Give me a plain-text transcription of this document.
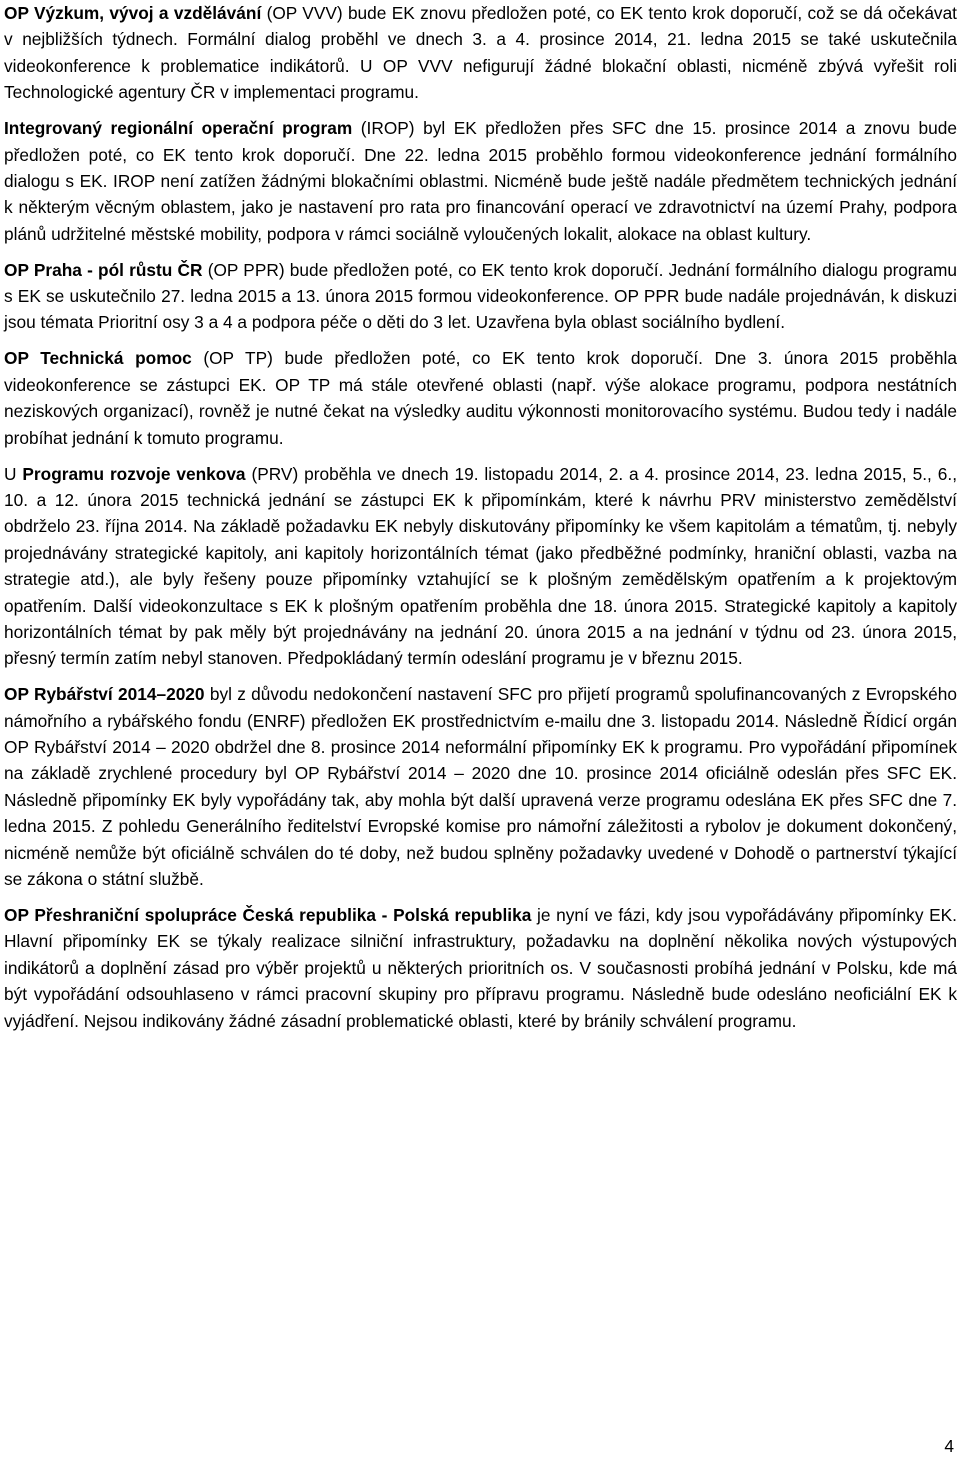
OP Výzkum, vývoj a vzdělávání (OP VVV) bude EK znovu předložen poté, co EK tento krok doporučí, což se dá očekávat v nejbližších týdnech. Formální dialog proběhl ve dnech 3. a 4. prosince 2014, 21. ledna 2015 se také uskutečnila videokonference k problematice indikátorů. U OP VVV nefigurují žádné blokační oblasti, nicméně zbývá vyřešit roli Technologické agentury ČR v implementaci programu.

Integrovaný regionální operační program (IROP) byl EK předložen přes SFC dne 15. prosince 2014 a znovu bude předložen poté, co EK tento krok doporučí. Dne 22. ledna 2015 proběhlo formou videokonference jednání formálního dialogu s EK. IROP není zatížen žádnými blokačními oblastmi. Nicméně bude ještě nadále předmětem technických jednání k některým věcným oblastem, jako je nastavení pro rata pro financování operací ve zdravotnictví na území Prahy, podpora plánů udržitelné městské mobility, podpora v rámci sociálně vyloučených lokalit, alokace na oblast kultury.

OP Praha - pól růstu ČR (OP PPR) bude předložen poté, co EK tento krok doporučí. Jednání formálního dialogu programu s EK se uskutečnilo 27. ledna 2015 a 13. února 2015 formou videokonference. OP PPR bude nadále projednáván, k diskuzi jsou témata Prioritní osy 3 a 4 a podpora péče o děti do 3 let. Uzavřena byla oblast sociálního bydlení.

OP Technická pomoc (OP TP) bude předložen poté, co EK tento krok doporučí. Dne 3. února 2015 proběhla videokonference se zástupci EK. OP TP má stále otevřené oblasti (např. výše alokace programu, podpora nestátních neziskových organizací), rovněž je nutné čekat na výsledky auditu výkonnosti monitorovacího systému. Budou tedy i nadále probíhat jednání k tomuto programu.

U Programu rozvoje venkova (PRV) proběhla ve dnech 19. listopadu 2014, 2. a 4. prosince 2014, 23. ledna 2015, 5., 6., 10. a 12. února 2015 technická jednání se zástupci EK k připomínkám, které k návrhu PRV ministerstvo zemědělství obdrželo 23. října 2014. Na základě požadavku EK nebyly diskutovány připomínky ke všem kapitolám a tématům, tj. nebyly projednávány strategické kapitoly, ani kapitoly horizontálních témat (jako předběžné podmínky, hraniční oblasti, vazba na strategie atd.), ale byly řešeny pouze připomínky vztahující se k plošným zemědělským opatřením a k projektovým opatřením. Další videokonzultace s EK k plošným opatřením proběhla dne 18. února 2015. Strategické kapitoly a kapitoly horizontálních témat by pak měly být projednávány na jednání 20. února 2015 a na jednání v týdnu od 23. února 2015, přesný termín zatím nebyl stanoven. Předpokládaný termín odeslání programu je v březnu 2015.

OP Rybářství 2014–2020 byl z důvodu nedokončení nastavení SFC pro přijetí programů spolufinancovaných z Evropského námořního a rybářského fondu (ENRF) předložen EK prostřednictvím e-mailu dne 3. listopadu 2014. Následně Řídicí orgán OP Rybářství 2014 – 2020 obdržel dne 8. prosince 2014 neformální připomínky EK k programu. Pro vypořádání připomínek na základě zrychlené procedury byl OP Rybářství 2014 – 2020 dne 10. prosince 2014 oficiálně odeslán přes SFC EK. Následně připomínky EK byly vypořádány tak, aby mohla být další upravená verze programu odeslána EK přes SFC dne 7. ledna 2015. Z pohledu Generálního ředitelství Evropské komise pro námořní záležitosti a rybolov je dokument dokončený, nicméně nemůže být oficiálně schválen do té doby, než budou splněny požadavky uvedené v Dohodě o partnerství týkající se zákona o státní službě.

OP Přeshraniční spolupráce Česká republika - Polská republika je nyní ve fázi, kdy jsou vypořádávány připomínky EK. Hlavní připomínky EK se týkaly realizace silniční infrastruktury, požadavku na doplnění několika nových výstupových indikátorů a doplnění zásad pro výběr projektů u některých prioritních os. V současnosti probíhá jednání v Polsku, kde má být vypořádání odsouhlaseno v rámci pracovní skupiny pro přípravu programu. Následně bude odesláno neoficiální EK k vyjádření. Nejsou indikovány žádné zásadní problematické oblasti, které by bránily schválení programu.

4
